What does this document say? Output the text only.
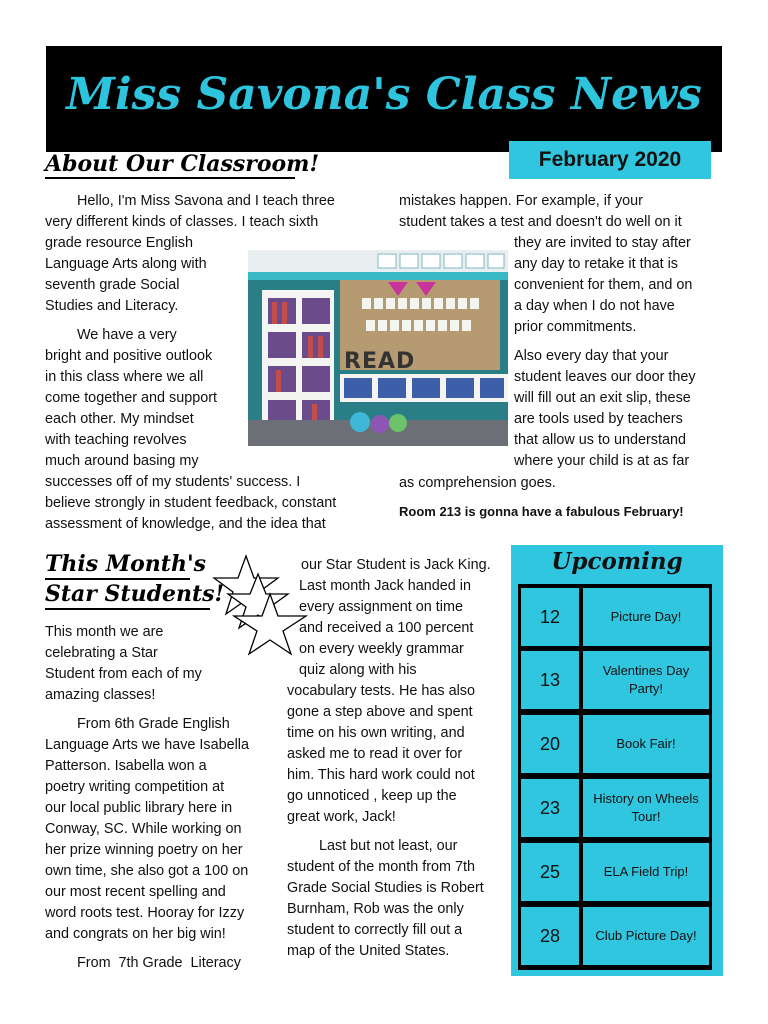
Miss Savona's Class News
February 2020
About Our Classroom!
Hello, I'm Miss Savona and I teach three
very different kinds of classes. I teach sixth
grade resource English
Language Arts along with
seventh grade Social
Studies and Literacy.
We have a very
bright and positive outlook
in this class where we all
come together and support
each other. My mindset
with teaching revolves
much around basing my
successes off of my students' success. I
believe strongly in student feedback, constant
assessment of knowledge, and the idea that
mistakes happen. For example, if your
student takes a test and doesn't do well on it
they are invited to stay after
any day to retake it that is
convenient for them, and on
a day when I do not have
prior commitments.
Also every day that your
student leaves our door they
will fill out an exit slip, these
are tools used by teachers
that allow us to understand
where your child is at as far
as comprehension goes.
Room 213 is gonna have a fabulous February!
READ
This Month's
Star Students!
This month we are
celebrating a Star
Student from each of my
amazing classes!
From 6th Grade English
Language Arts we have Isabella
Patterson. Isabella won a
poetry writing competition at
our local public library here in
Conway, SC. While working on
her prize winning poetry on her
own time, she also got a 100 on
our most recent spelling and
word roots test. Hooray for Izzy
and congrats on her big win!
From  7th Grade  Literacy
our Star Student is Jack King.
Last month Jack handed in
every assignment on time
and received a 100 percent
on every weekly grammar
quiz along with his
vocabulary tests. He has also
gone a step above and spent
time on his own writing, and
asked me to read it over for
him. This hard work could not
go unnoticed , keep up the
great work, Jack!
Last but not least, our
student of the month from 7th
Grade Social Studies is Robert
Burnham, Rob was the only
student to correctly fill out a
map of the United States.
Upcoming
12	Picture Day!
13	Valentines Day Party!
20	Book Fair!
23	History on Wheels Tour!
25	ELA Field Trip!
28	Club Picture Day!
